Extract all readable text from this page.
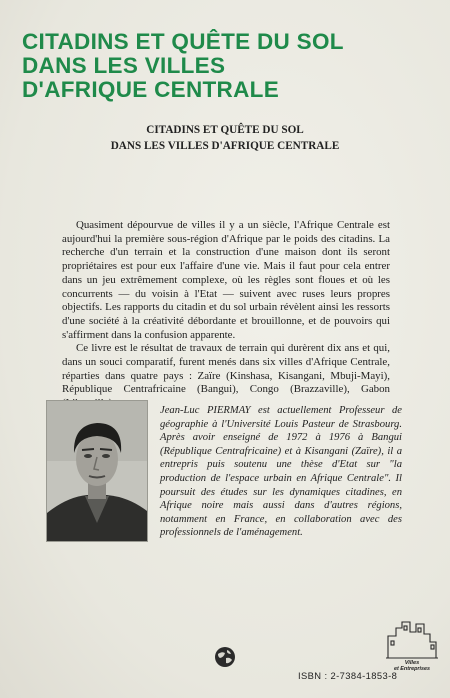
CITADINS ET QUÊTE DU SOL
DANS LES VILLES
D'AFRIQUE CENTRALE
CITADINS ET QUÊTE DU SOL
DANS LES VILLES D'AFRIQUE CENTRALE

Quasiment dépourvue de villes il y a un siècle, l'Afrique Centrale est aujourd'hui la première sous-région d'Afrique par le poids des citadins. La recherche d'un terrain et la construction d'une maison dont ils seront propriétaires est pour eux l'affaire d'une vie. Mais il faut pour cela entrer dans un jeu extrêmement complexe, où les règles sont floues et où les concurrents — du voisin à l'Etat — suivent avec ruses leurs propres objectifs. Les rapports du citadin et du sol urbain révèlent ainsi les ressorts d'une société à la créativité débordante et brouillonne, et de pouvoirs qui s'affirment dans la confusion apparente.

Ce livre est le résultat de travaux de terrain qui durèrent dix ans et qui, dans un souci comparatif, furent menés dans six villes d'Afrique Centrale, réparties dans quatre pays : Zaïre (Kinshasa, Kisangani, Mbuji-Mayi), République Centrafricaine (Bangui), Congo (Brazzaville), Gabon

Jean-Luc PIERMAY est actuellement Professeur de géographie à l'Université Louis Pasteur de Strasbourg. Après avoir enseigné de 1972 à 1976 à Bangui (République Centrafricaine) et à Kisangani (Zaïre), il a entrepris puis soutenu une thèse d'Etat sur "la production de l'espace urbain en Afrique Centrale". Il poursuit des études sur les dynamiques citadines, en Afrique noire mais aussi dans d'autres régions, notamment en France, en collaboration avec des professionnels de l'aménagement.

ISBN : 2-7384-1853-8
Villes
et Entreprises
